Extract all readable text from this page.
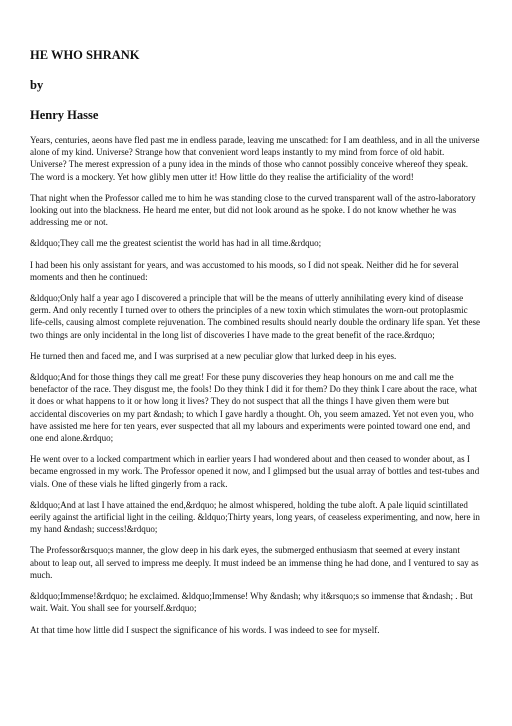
HE WHO SHRANK
by
Henry Hasse

Years, centuries, aeons have fled past me in endless parade, leaving me unscathed: for I am deathless, and in all the universe alone of my kind. Universe? Strange how that convenient word leaps instantly to my mind from force of old habit. Universe? The merest expression of a puny idea in the minds of those who cannot possibly conceive whereof they speak. The word is a mockery. Yet how glibly men utter it! How little do they realise the artificiality of the word!

That night when the Professor called me to him he was standing close to the curved transparent wall of the astro-laboratory looking out into the blackness. He heard me enter, but did not look around as he spoke. I do not know whether he was addressing me or not.

&ldquo;They call me the greatest scientist the world has had in all time.&rdquo;

I had been his only assistant for years, and was accustomed to his moods, so I did not speak. Neither did he for several moments and then he continued:

&ldquo;Only half a year ago I discovered a principle that will be the means of utterly annihilating every kind of disease germ. And only recently I turned over to others the principles of a new toxin which stimulates the worn-out protoplasmic life-cells, causing almost complete rejuvenation. The combined results should nearly double the ordinary life span. Yet these two things are only incidental in the long list of discoveries I have made to the great benefit of the race.&rdquo;

He turned then and faced me, and I was surprised at a new peculiar glow that lurked deep in his eyes.

&ldquo;And for those things they call me great! For these puny discoveries they heap honours on me and call me the benefactor of the race. They disgust me, the fools! Do they think I did it for them? Do they think I care about the race, what it does or what happens to it or how long it lives? They do not suspect that all the things I have given them were but accidental discoveries on my part &ndash; to which I gave hardly a thought. Oh, you seem amazed. Yet not even you, who have assisted me here for ten years, ever suspected that all my labours and experiments were pointed toward one end, and one end alone.&rdquo;

He went over to a locked compartment which in earlier years I had wondered about and then ceased to wonder about, as I became engrossed in my work. The Professor opened it now, and I glimpsed but the usual array of bottles and test-tubes and vials. One of these vials he lifted gingerly from a rack.

&ldquo;And at last I have attained the end,&rdquo; he almost whispered, holding the tube aloft. A pale liquid scintillated eerily against the artificial light in the ceiling. &ldquo;Thirty years, long years, of ceaseless experimenting, and now, here in my hand &ndash; success!&rdquo;

The Professor&rsquo;s manner, the glow deep in his dark eyes, the submerged enthusiasm that seemed at every instant about to leap out, all served to impress me deeply. It must indeed be an immense thing he had done, and I ventured to say as much.

&ldquo;Immense!&rdquo; he exclaimed. &ldquo;Immense! Why &ndash; why it&rsquo;s so immense that &ndash; . But wait. Wait. You shall see for yourself.&rdquo;

At that time how little did I suspect the significance of his words. I was indeed to see for myself.
